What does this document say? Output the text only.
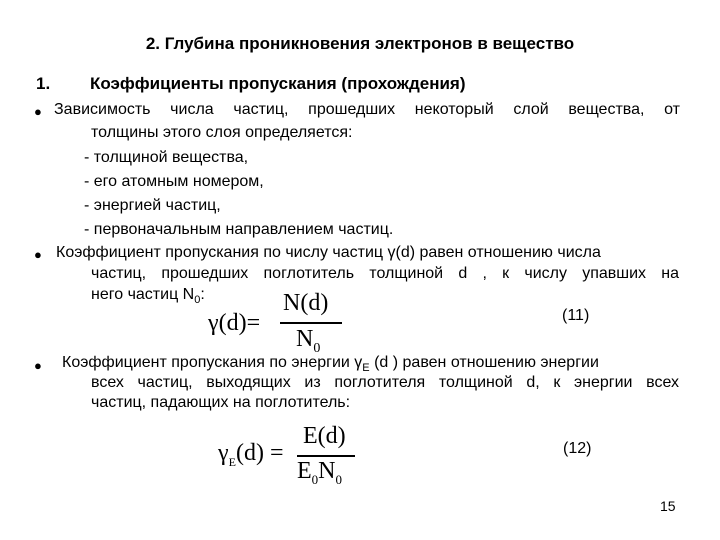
2. Глубина проникновения электронов в вещество
1. Коэффициенты пропускания (прохождения)
● Зависимость числа частиц, прошедших некоторый слой вещества, от
толщины этого слоя определяется:
- толщиной вещества,
- его атомным номером,
- энергией частиц,
- первоначальным направлением частиц.
● Коэффициент пропускания по числу частиц γ(d) равен отношению числа
частиц, прошедших поглотитель толщиной d , к числу упавших на
него частиц $N_0$:
γ(d)=
N(d)
$N_0$
(11)
● Коэффициент пропускания по энергии $\gamma_E$ (d ) равен отношению энергии
всех частиц, выходящих из поглотителя толщиной d, к энергии всех
частиц, падающих на поглотитель:
$\gamma_E(d)$ =
E(d)
$E_0N_0$
(12)
15
